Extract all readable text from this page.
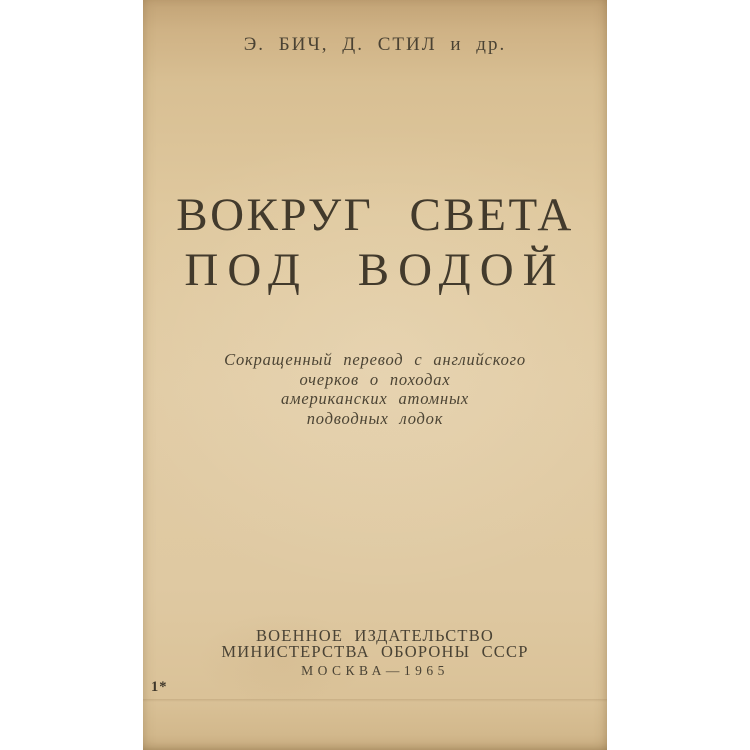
Э. БИЧ, Д. СТИЛ и др.
ВОКРУГ СВЕТА
ПОД ВОДОЙ
Сокращенный перевод с английского
очерков о походах
американских атомных
подводных лодок
ВОЕННОЕ ИЗДАТЕЛЬСТВО
МИНИСТЕРСТВА ОБОРОНЫ СССР
МОСКВА—1965
1*
